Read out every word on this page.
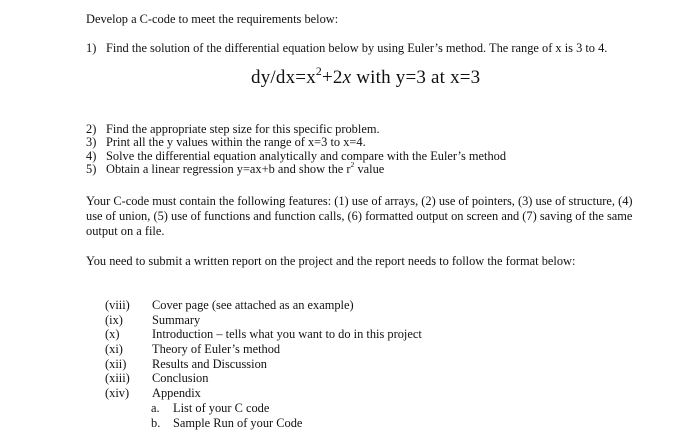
Develop a C-code to meet the requirements below:
1) Find the solution of the differential equation below by using Euler’s method. The range of x is 3 to 4.
$dy/dx=x^2+2x$ with y=3 at x=3
2) Find the appropriate step size for this specific problem.
3) Print all the y values within the range of x=3 to x=4.
4) Solve the differential equation analytically and compare with the Euler’s method
5) Obtain a linear regression y=ax+b and show the $r^2$ value
Your C-code must contain the following features: (1) use of arrays, (2) use of pointers, (3) use of structure, (4) use of union, (5) use of functions and function calls, (6) formatted output on screen and (7) saving of the same output on a file.
You need to submit a written report on the project and the report needs to follow the format below:
(viii)	Cover page (see attached as an example)
(ix)	Summary
(x)	Introduction – tells what you want to do in this project
(xi)	Theory of Euler’s method
(xii)	Results and Discussion
(xiii)	Conclusion
(xiv)	Appendix
a.	List of your C code
b.	Sample Run of your Code
